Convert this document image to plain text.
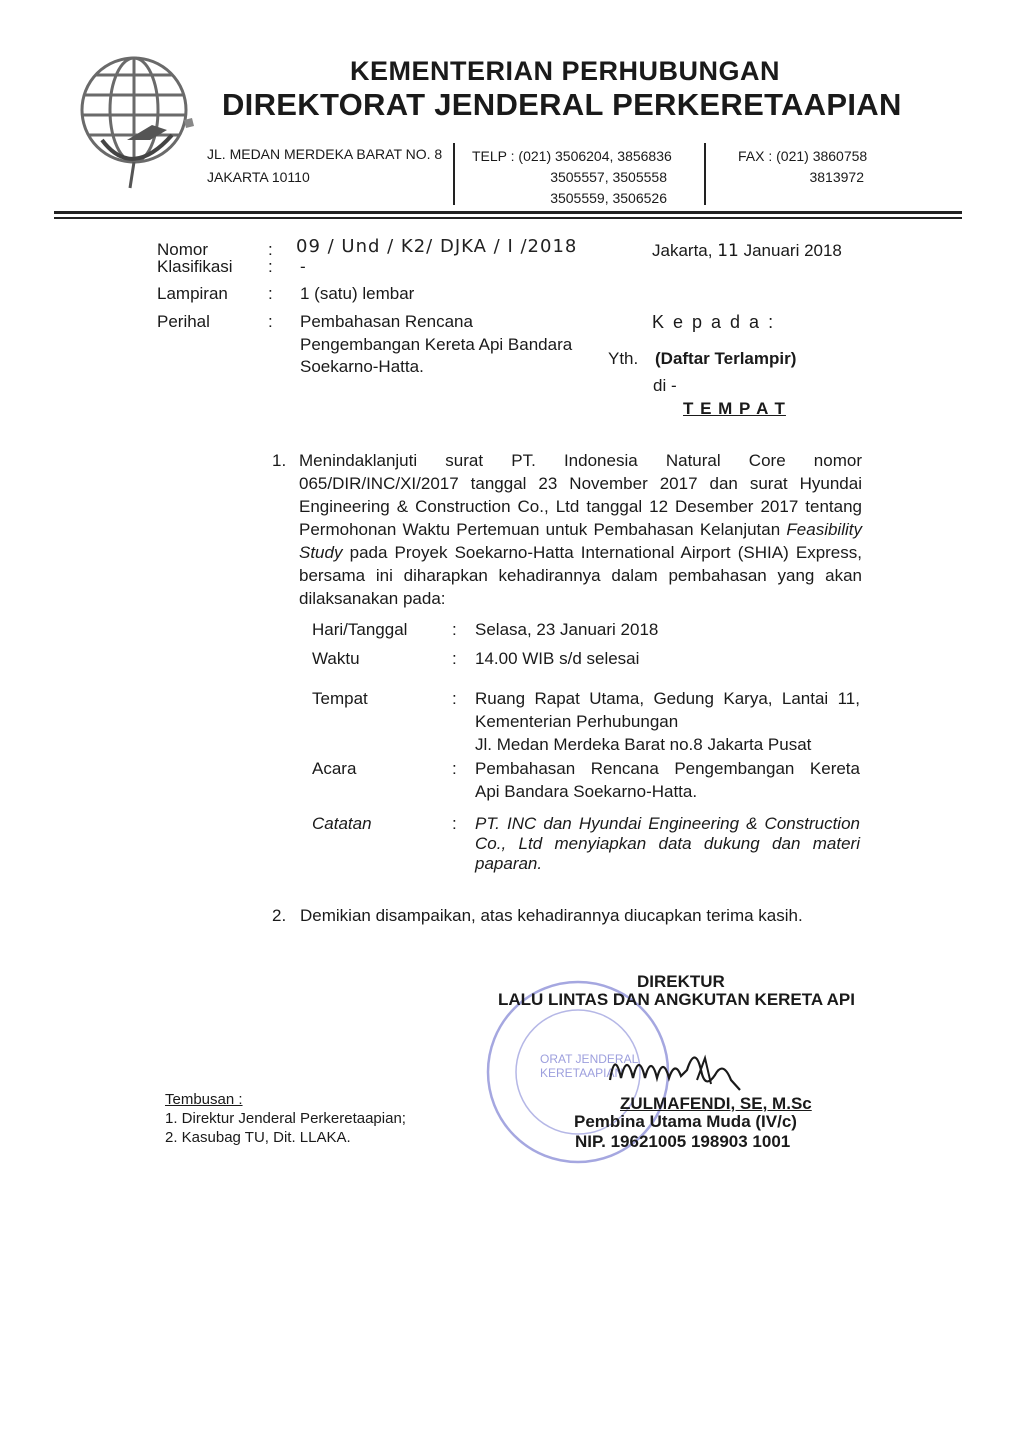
KEMENTERIAN PERHUBUNGAN
DIREKTORAT JENDERAL PERKERETAAPIAN
JL. MEDAN MERDEKA BARAT NO. 8
JAKARTA 10110
TELP : (021) 3506204, 3856836
3505557, 3505558
3505559, 3506526
FAX : (021) 3860758
3813972
Nomor	: 09 / Und / K2/ DJKA / I /2018
Klasifikasi : -
Lampiran : 1 (satu) lembar
Perihal	: Pembahasan Rencana
Pengembangan Kereta Api Bandara
Soekarno-Hatta.
Jakarta, 11 Januari 2018
K e p a d a :
Yth. (Daftar Terlampir)
di -
T E M P A T
1. Menindaklanjuti surat PT. Indonesia Natural Core nomor 065/DIR/INC/XI/2017 tanggal 23 November 2017 dan surat Hyundai Engineering & Construction Co., Ltd tanggal 12 Desember 2017 tentang Permohonan Waktu Pertemuan untuk Pembahasan Kelanjutan Feasibility Study pada Proyek Soekarno-Hatta International Airport (SHIA) Express, bersama ini diharapkan kehadirannya dalam pembahasan yang akan dilaksanakan pada:
Hari/Tanggal	: Selasa, 23 Januari 2018
Waktu	: 14.00 WIB s/d selesai
Tempat	: Ruang Rapat Utama, Gedung Karya, Lantai 11,
Kementerian Perhubungan
Jl. Medan Merdeka Barat no.8 Jakarta Pusat
Acara	: Pembahasan Rencana Pengembangan Kereta
Api Bandara Soekarno-Hatta.
Catatan	: PT. INC dan Hyundai Engineering & Construction Co., Ltd menyiapkan data dukung dan materi paparan.
2. Demikian disampaikan, atas kehadirannya diucapkan terima kasih.
ORAT JENDERAL KERETAAPIAN
DIREKTUR
LALU LINTAS DAN ANGKUTAN KERETA API
ZULMAFENDI, SE, M.Sc
Pembina Utama Muda (IV/c)
NIP. 19621005 198903 1001
Tembusan :
1. Direktur Jenderal Perkeretaapian;
2. Kasubag TU, Dit. LLAKA.
